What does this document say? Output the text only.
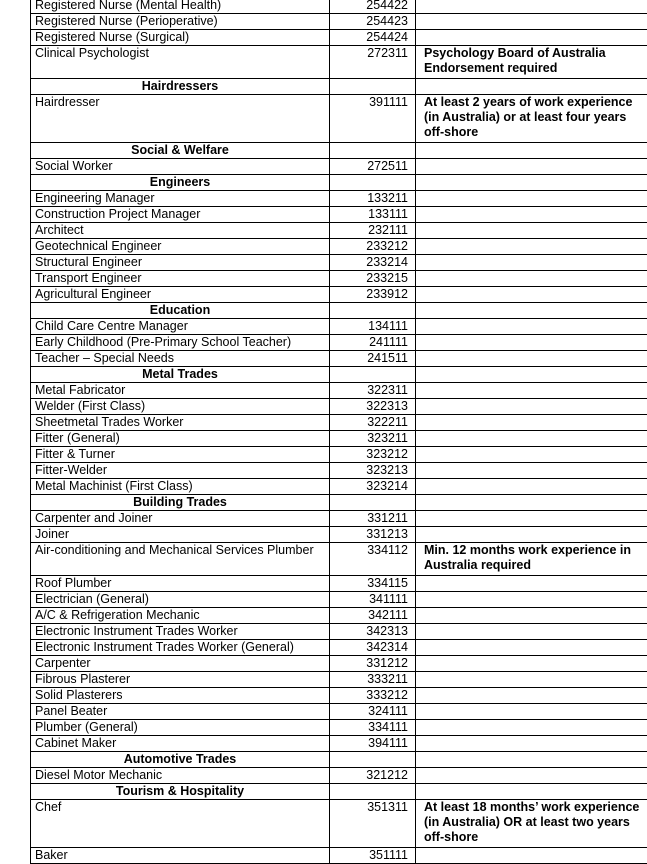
Registered Nurse (Mental Health)	254422	
Registered Nurse (Perioperative)	254423	
Registered Nurse (Surgical)	254424	
Clinical Psychologist	272311	Psychology Board of Australia Endorsement required
Hairdressers		
Hairdresser	391111	At least 2 years of work experience (in Australia) or at least four years off-shore
Social & Welfare		
Social Worker	272511	
Engineers		
Engineering Manager	133211	
Construction Project Manager	133111	
Architect	232111	
Geotechnical Engineer	233212	
Structural Engineer	233214	
Transport Engineer	233215	
Agricultural Engineer	233912	
Education		
Child Care Centre Manager	134111	
Early Childhood (Pre-Primary School Teacher)	241111	
Teacher – Special Needs	241511	
Metal Trades		
Metal Fabricator	322311	
Welder (First Class)	322313	
Sheetmetal Trades Worker	322211	
Fitter (General)	323211	
Fitter & Turner	323212	
Fitter-Welder	323213	
Metal Machinist (First Class)	323214	
Building Trades		
Carpenter and Joiner	331211	
Joiner	331213	
Air-conditioning and Mechanical Services Plumber	334112	Min. 12 months work experience in Australia required
Roof Plumber	334115	
Electrician (General)	341111	
A/C & Refrigeration Mechanic	342111	
Electronic Instrument Trades Worker	342313	
Electronic Instrument Trades Worker (General)	342314	
Carpenter	331212	
Fibrous Plasterer	333211	
Solid Plasterers	333212	
Panel Beater	324111	
Plumber (General)	334111	
Cabinet Maker	394111	
Automotive Trades		
Diesel Motor Mechanic	321212	
Tourism & Hospitality		
Chef	351311	At least 18 months’ work experience (in Australia) OR at least two years off-shore
Baker	351111	
